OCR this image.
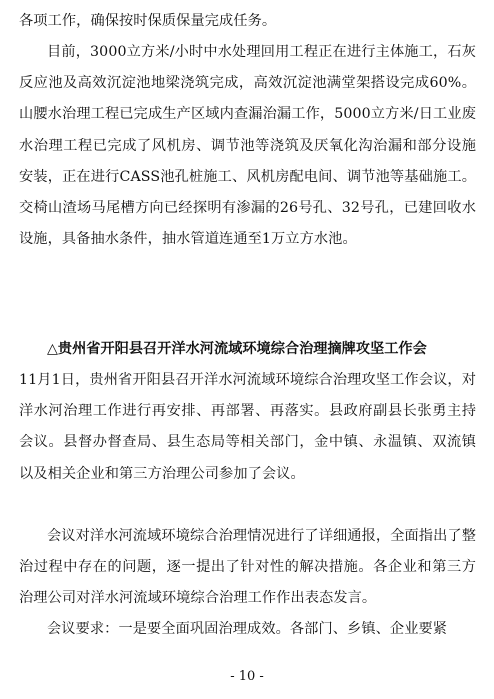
各项工作，确保按时保质保量完成任务。

目前，3000立方米/小时中水处理回用工程正在进行主体施工，石灰反应池及高效沉淀池地梁浇筑完成，高效沉淀池满堂架搭设完成60%。山腰水治理工程已完成生产区域内查漏治漏工作，5000立方米/日工业废水治理工程已完成了风机房、调节池等浇筑及厌氧化沟治漏和部分设施安装，正在进行CASS池孔桩施工、风机房配电间、调节池等基础施工。交椅山渣场马尾槽方向已经探明有渗漏的26号孔、32号孔，已建回收水设施，具备抽水条件，抽水管道连通至1万立方水池。

△贵州省开阳县召开洋水河流域环境综合治理摘牌攻坚工作会

11月1日，贵州省开阳县召开洋水河流域环境综合治理攻坚工作会议，对洋水河治理工作进行再安排、再部署、再落实。县政府副县长张勇主持会议。县督办督查局、县生态局等相关部门，金中镇、永温镇、双流镇以及相关企业和第三方治理公司参加了会议。

会议对洋水河流域环境综合治理情况进行了详细通报，全面指出了整治过程中存在的问题，逐一提出了针对性的解决措施。各企业和第三方治理公司对洋水河流域环境综合治理工作作出表态发言。

会议要求：一是要全面巩固治理成效。各部门、乡镇、企业要紧

- 10 -
